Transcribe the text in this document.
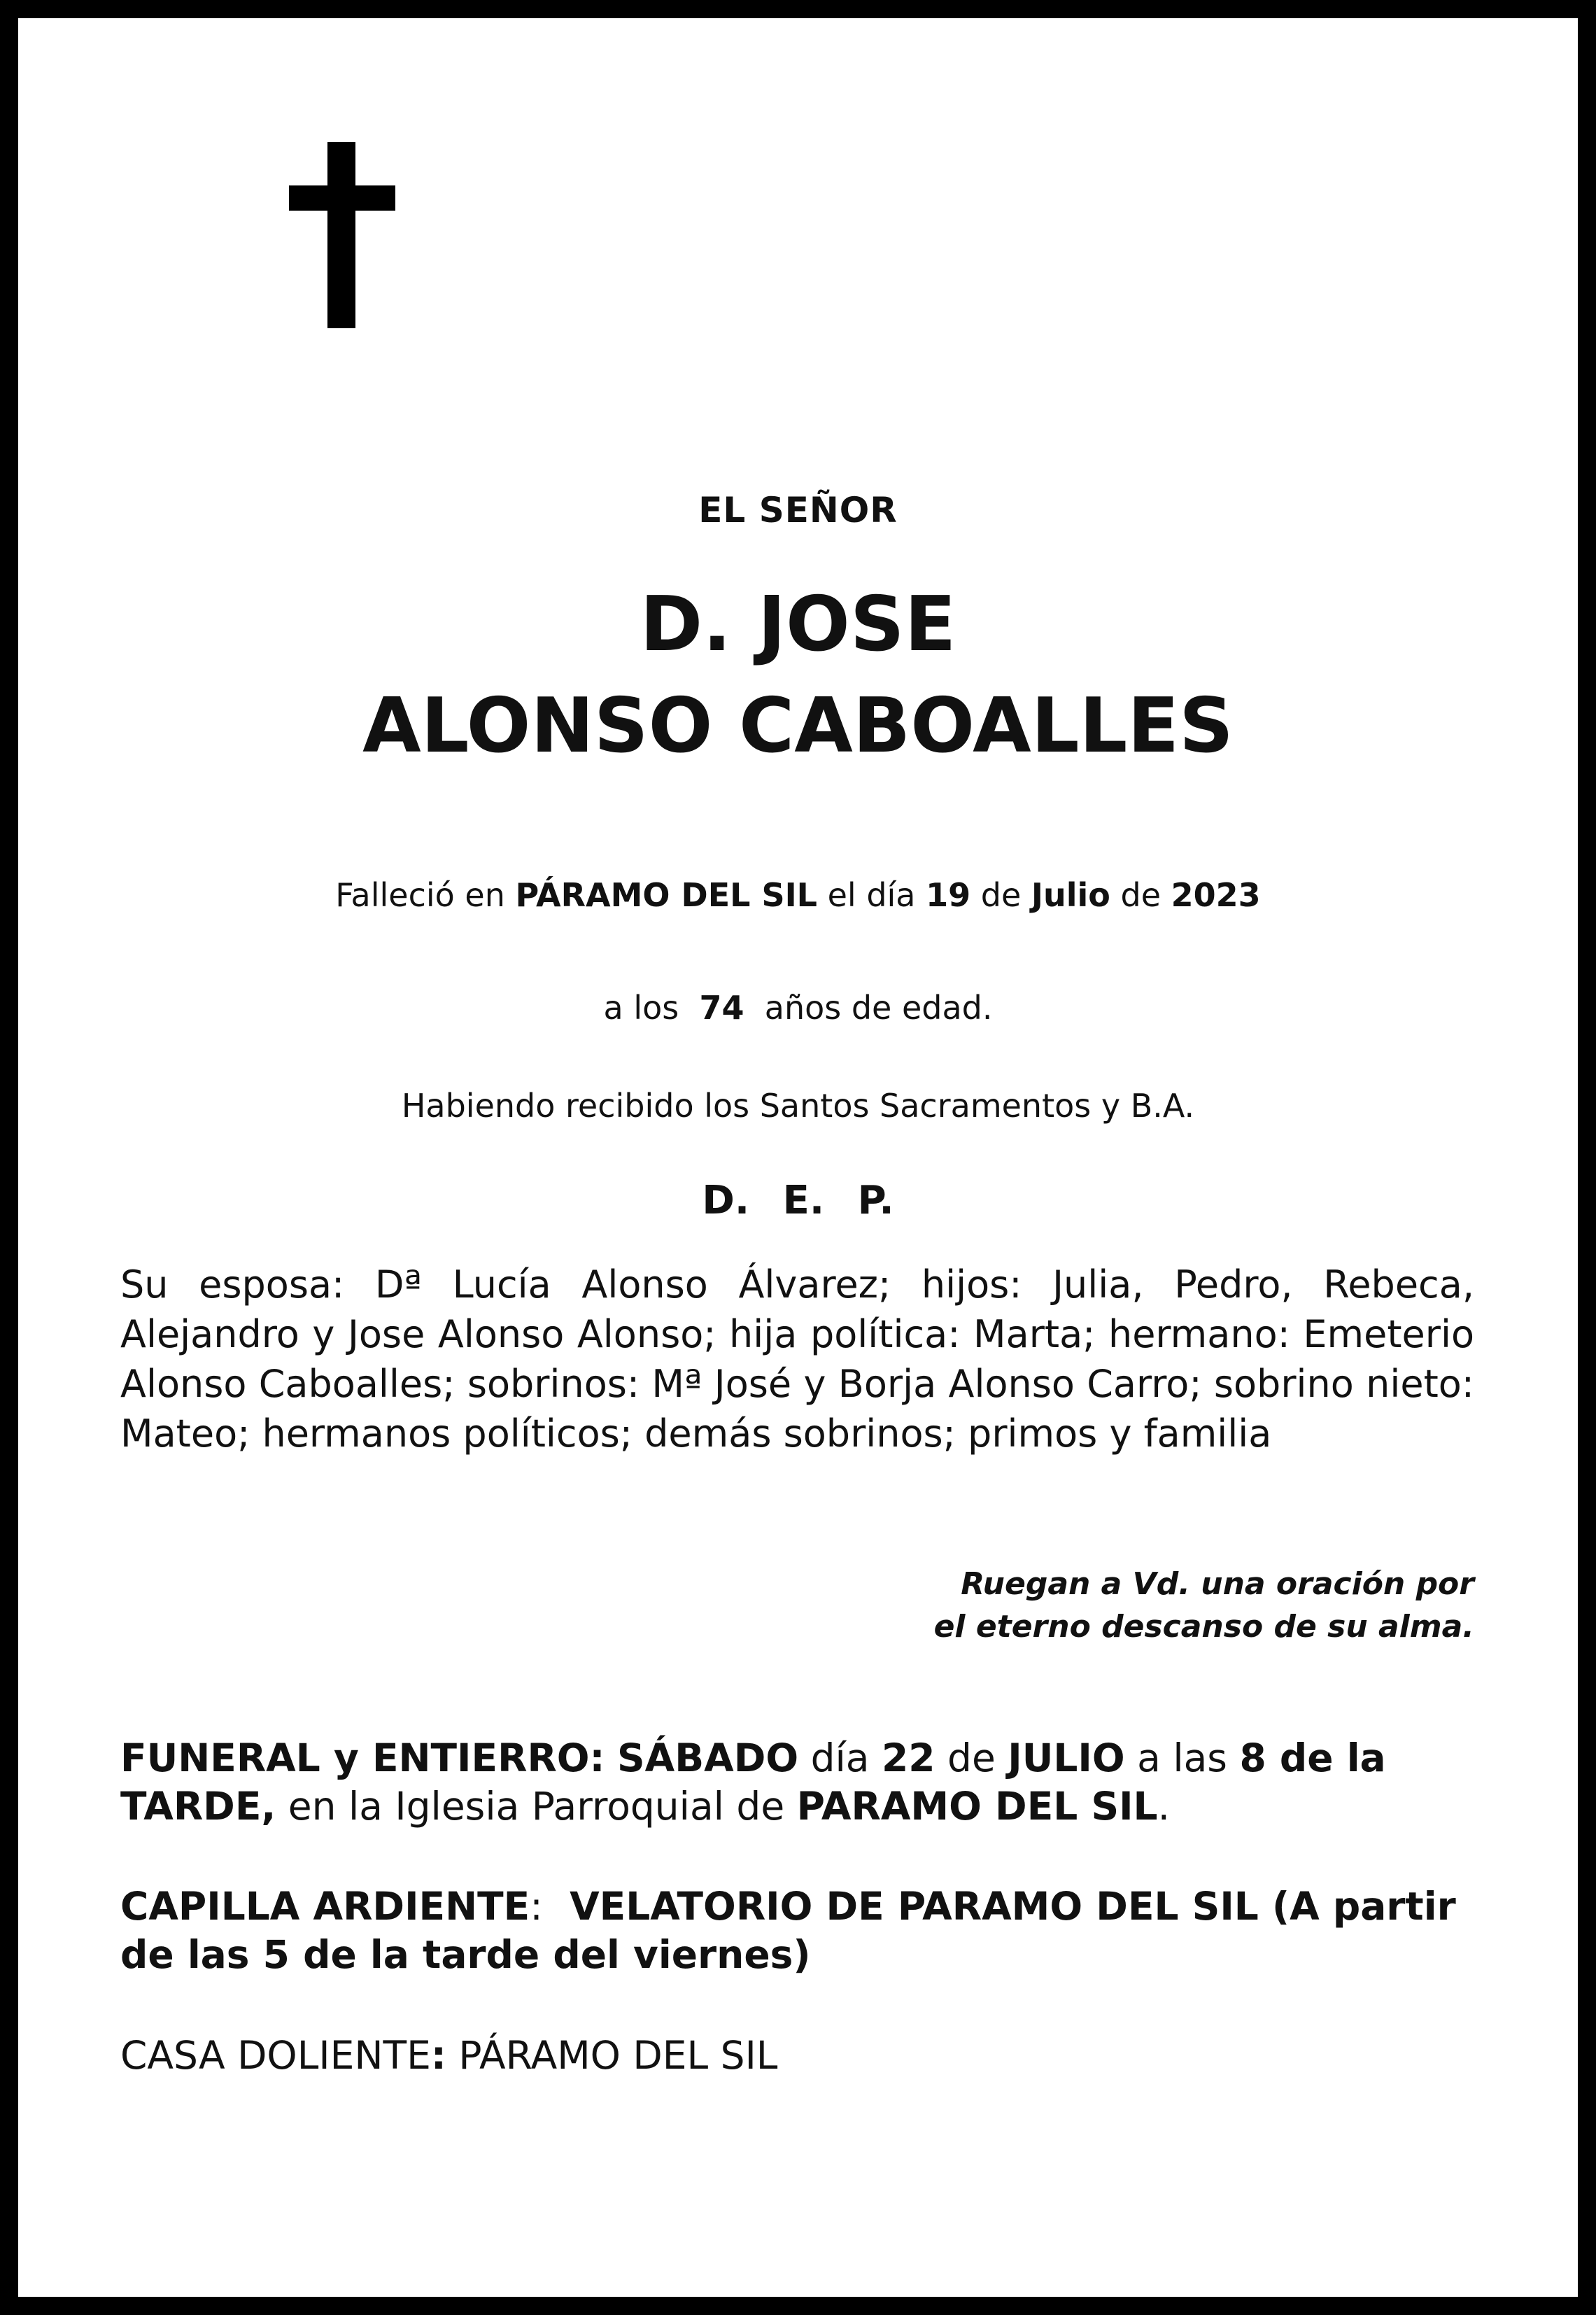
EL SEÑOR
D. JOSE
ALONSO CABOALLES
Falleció en PÁRAMO DEL SIL el día 19 de Julio de 2023
a los 74 años de edad.
Habiendo recibido los Santos Sacramentos y B.A.
D. E. P.
Su esposa: Dª Lucía Alonso Álvarez; hijos: Julia, Pedro, Rebeca, Alejandro y Jose Alonso Alonso; hija política: Marta; hermano: Emeterio Alonso Caboalles; sobrinos: Mª José y Borja Alonso Carro; sobrino nieto: Mateo; hermanos políticos; demás sobrinos; primos y familia
Ruegan a Vd. una oración por
el eterno descanso de su alma.
FUNERAL y ENTIERRO: SÁBADO día 22 de JULIO a las 8 de la TARDE, en la Iglesia Parroquial de PARAMO DEL SIL.
CAPILLA ARDIENTE: VELATORIO DE PARAMO DEL SIL (A partir de las 5 de la tarde del viernes)
CASA DOLIENTE: PÁRAMO DEL SIL
